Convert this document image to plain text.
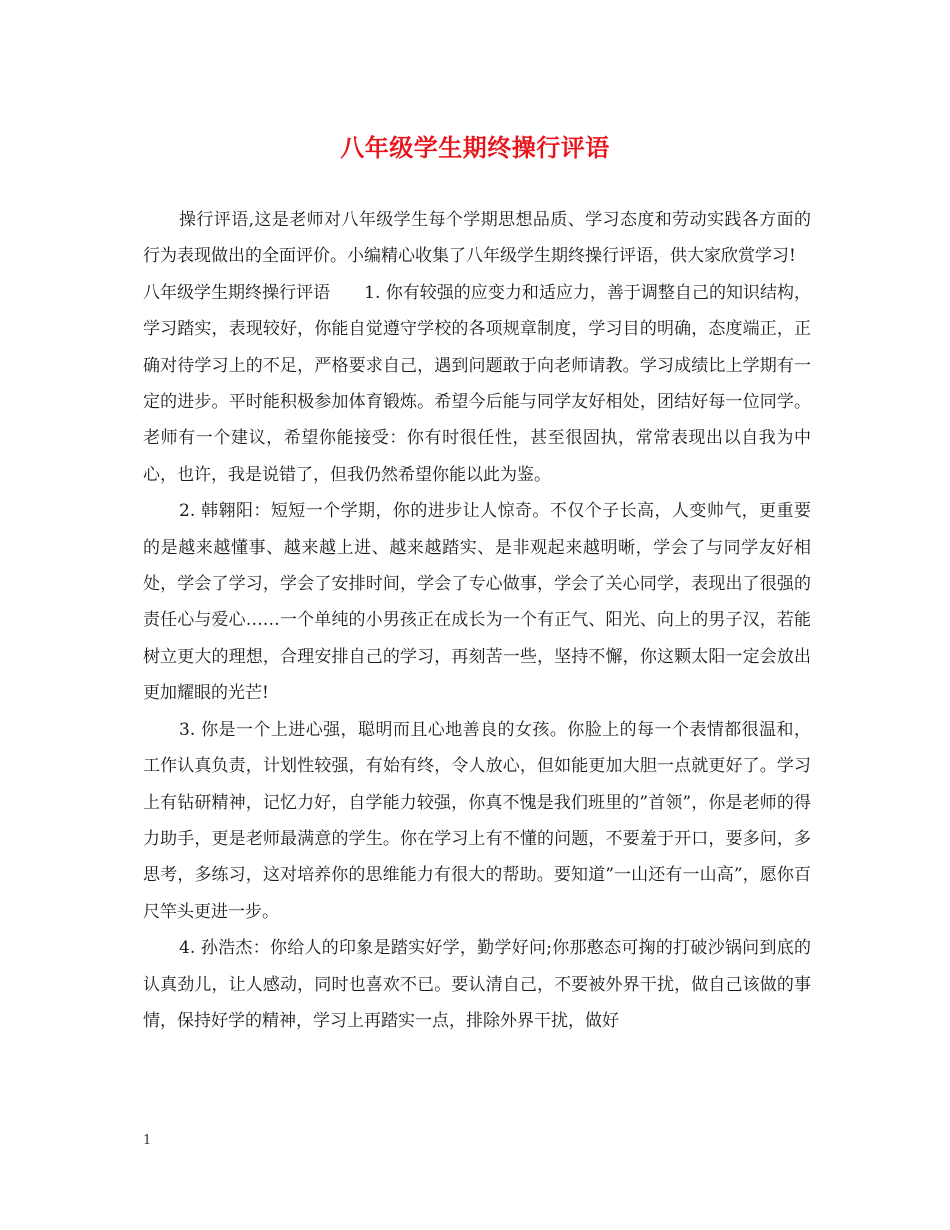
八年级学生期终操行评语

操行评语,这是老师对八年级学生每个学期思想品质、学习态度和劳动实践各方面的行为表现做出的全面评价。小编精心收集了八年级学生期终操行评语，供大家欣赏学习!

八年级学生期终操行评语　　1. 你有较强的应变力和适应力，善于调整自己的知识结构，学习踏实，表现较好，你能自觉遵守学校的各项规章制度，学习目的明确，态度端正，正确对待学习上的不足，严格要求自己，遇到问题敢于向老师请教。学习成绩比上学期有一定的进步。平时能积极参加体育锻炼。希望今后能与同学友好相处，团结好每一位同学。老师有一个建议，希望你能接受：你有时很任性，甚至很固执，常常表现出以自我为中心，也许，我是说错了，但我仍然希望你能以此为鉴。

2. 韩翱阳：短短一个学期，你的进步让人惊奇。不仅个子长高，人变帅气，更重要的是越来越懂事、越来越上进、越来越踏实、是非观起来越明晰，学会了与同学友好相处，学会了学习，学会了安排时间，学会了专心做事，学会了关心同学，表现出了很强的责任心与爱心……一个单纯的小男孩正在成长为一个有正气、阳光、向上的男子汉，若能树立更大的理想，合理安排自己的学习，再刻苦一些，坚持不懈，你这颗太阳一定会放出更加耀眼的光芒!

3. 你是一个上进心强，聪明而且心地善良的女孩。你脸上的每一个表情都很温和，工作认真负责，计划性较强，有始有终，令人放心，但如能更加大胆一点就更好了。学习上有钻研精神，记忆力好，自学能力较强，你真不愧是我们班里的”首领”，你是老师的得力助手，更是老师最满意的学生。你在学习上有不懂的问题，不要羞于开口，要多问，多思考，多练习，这对培养你的思维能力有很大的帮助。要知道”一山还有一山高”，愿你百尺竿头更进一步。

4. 孙浩杰：你给人的印象是踏实好学，勤学好问;你那憨态可掬的打破沙锅问到底的认真劲儿，让人感动，同时也喜欢不已。要认清自己，不要被外界干扰，做自己该做的事情，保持好学的精神，学习上再踏实一点，排除外界干扰，做好

1
